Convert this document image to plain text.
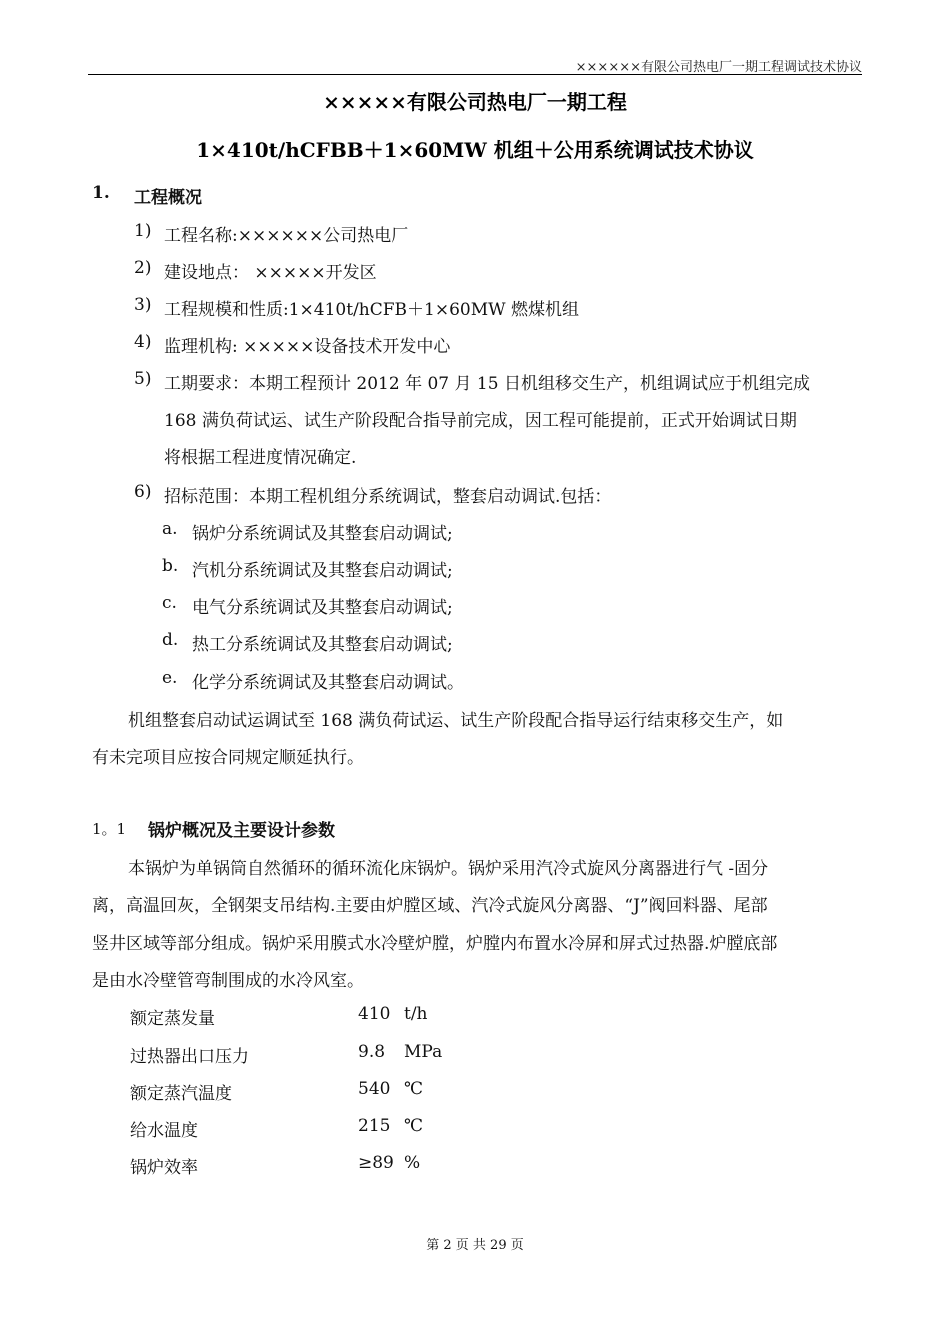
××××××有限公司热电厂一期工程调试技术协议
×××××有限公司热电厂一期工程
1×410t/hCFBB＋1×60MW 机组＋公用系统调试技术协议
1. 工程概况
1) 工程名称:××××××公司热电厂
2) 建设地点： ×××××开发区
3) 工程规模和性质:1×410t/hCFB＋1×60MW 燃煤机组
4) 监理机构: ×××××设备技术开发中心
5) 工期要求：本期工程预计 2012 年 07 月 15 日机组移交生产，机组调试应于机组完成
168 满负荷试运、试生产阶段配合指导前完成，因工程可能提前，正式开始调试日期
将根据工程进度情况确定.
6) 招标范围：本期工程机组分系统调试，整套启动调试.包括：
a. 锅炉分系统调试及其整套启动调试;
b. 汽机分系统调试及其整套启动调试;
c. 电气分系统调试及其整套启动调试;
d. 热工分系统调试及其整套启动调试;
e. 化学分系统调试及其整套启动调试。
机组整套启动试运调试至 168 满负荷试运、试生产阶段配合指导运行结束移交生产，如
有未完项目应按合同规定顺延执行。
1。1 锅炉概况及主要设计参数
本锅炉为单锅筒自然循环的循环流化床锅炉。锅炉采用汽冷式旋风分离器进行气 -固分
离，高温回灰，全钢架支吊结构.主要由炉膛区域、汽冷式旋风分离器、“J”阀回料器、尾部
竖井区域等部分组成。锅炉采用膜式水冷壁炉膛，炉膛内布置水冷屏和屏式过热器.炉膛底部
是由水冷壁管弯制围成的水冷风室。
额定蒸发量	410 t/h
过热器出口压力	9.8 MPa
额定蒸汽温度	540 ℃
给水温度	215 ℃
锅炉效率	≥89 %
第 2 页 共 29 页
